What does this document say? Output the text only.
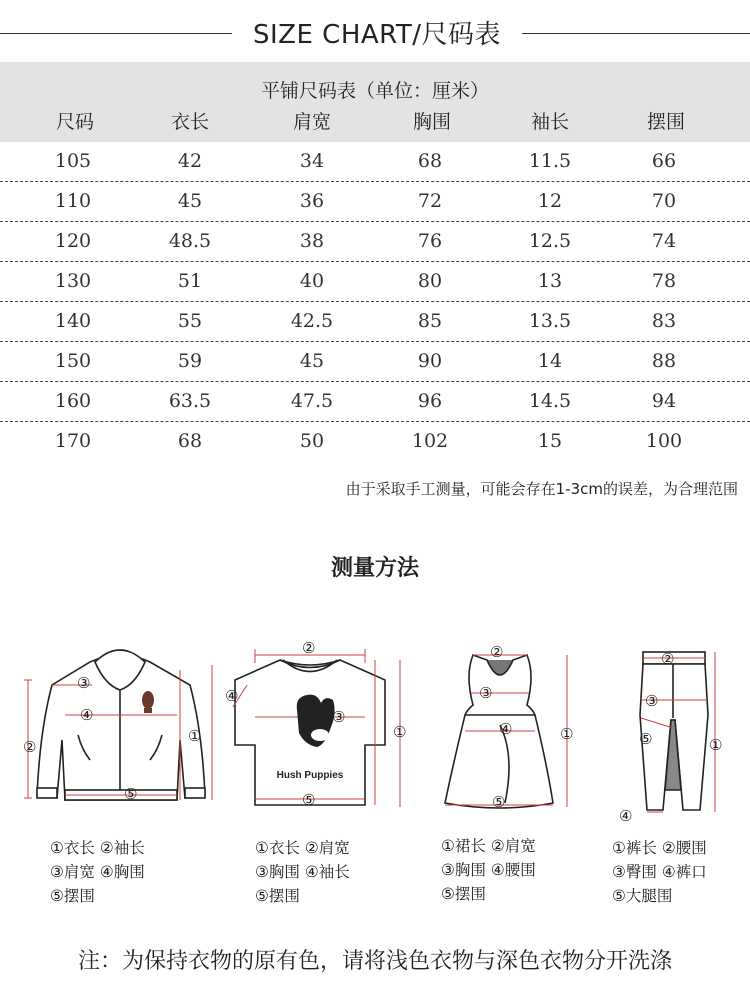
SIZE CHART/尺码表
平铺尺码表（单位：厘米）
尺码	衣长	肩宽	胸围	袖长	摆围
105	42	34	68	11.5	66
110	45	36	72	12	70
120	48.5	38	76	12.5	74
130	51	40	80	13	78
140	55	42.5	85	13.5	83
150	59	45	90	14	88
160	63.5	47.5	96	14.5	94
170	68	50	102	15	100
由于采取手工测量，可能会存在1-3cm的误差，为合理范围
测量方法
③
④
②
①
⑤
Hush Puppies
②
③
④
①
⑤
②
③
④	①
⑤
②
③
⑤	①
④
①衣长 ②袖长
③肩宽 ④胸围
⑤摆围
①衣长 ②肩宽
③胸围 ④袖长
⑤摆围
①裙长 ②肩宽
③胸围 ④腰围
⑤摆围
①裤长 ②腰围
③臀围 ④裤口
⑤大腿围
注：为保持衣物的原有色，请将浅色衣物与深色衣物分开洗涤
